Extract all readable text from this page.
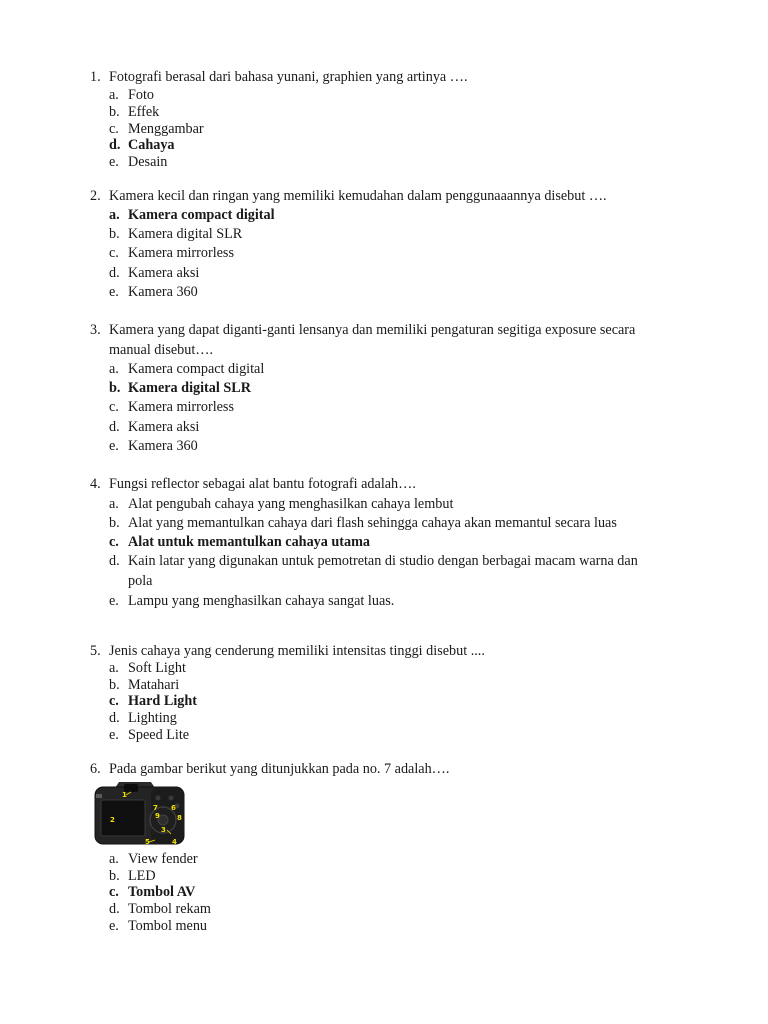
1. Fotografi berasal dari bahasa yunani, graphien yang artinya ….
a. Foto
b. Effek
c. Menggambar
d. Cahaya
e. Desain
2. Kamera kecil dan ringan yang memiliki kemudahan dalam penggunaaannya disebut ….
a. Kamera compact digital
b. Kamera digital SLR
c. Kamera mirrorless
d. Kamera aksi
e. Kamera 360
3. Kamera yang dapat diganti-ganti lensanya dan memiliki pengaturan segitiga exposure secara
manual disebut….
a. Kamera compact digital
b. Kamera digital SLR
c. Kamera mirrorless
d. Kamera aksi
e. Kamera 360
4. Fungsi reflector sebagai alat bantu fotografi adalah….
a. Alat pengubah cahaya yang menghasilkan cahaya lembut
b. Alat yang memantulkan cahaya dari flash sehingga cahaya akan memantul secara luas
c. Alat untuk memantulkan cahaya utama
d. Kain latar yang digunakan untuk pemotretan di studio dengan berbagai macam warna dan
pola
e. Lampu yang menghasilkan cahaya sangat luas.
5. Jenis cahaya yang cenderung memiliki intensitas tinggi disebut ....
a. Soft Light
b. Matahari
c. Hard Light
d. Lighting
e. Speed Lite
6. Pada gambar berikut yang ditunjukkan pada no. 7 adalah….
1
2
3
4
5
6
7
8
9
a. View fender
b. LED
c. Tombol AV
d. Tombol rekam
e. Tombol menu
